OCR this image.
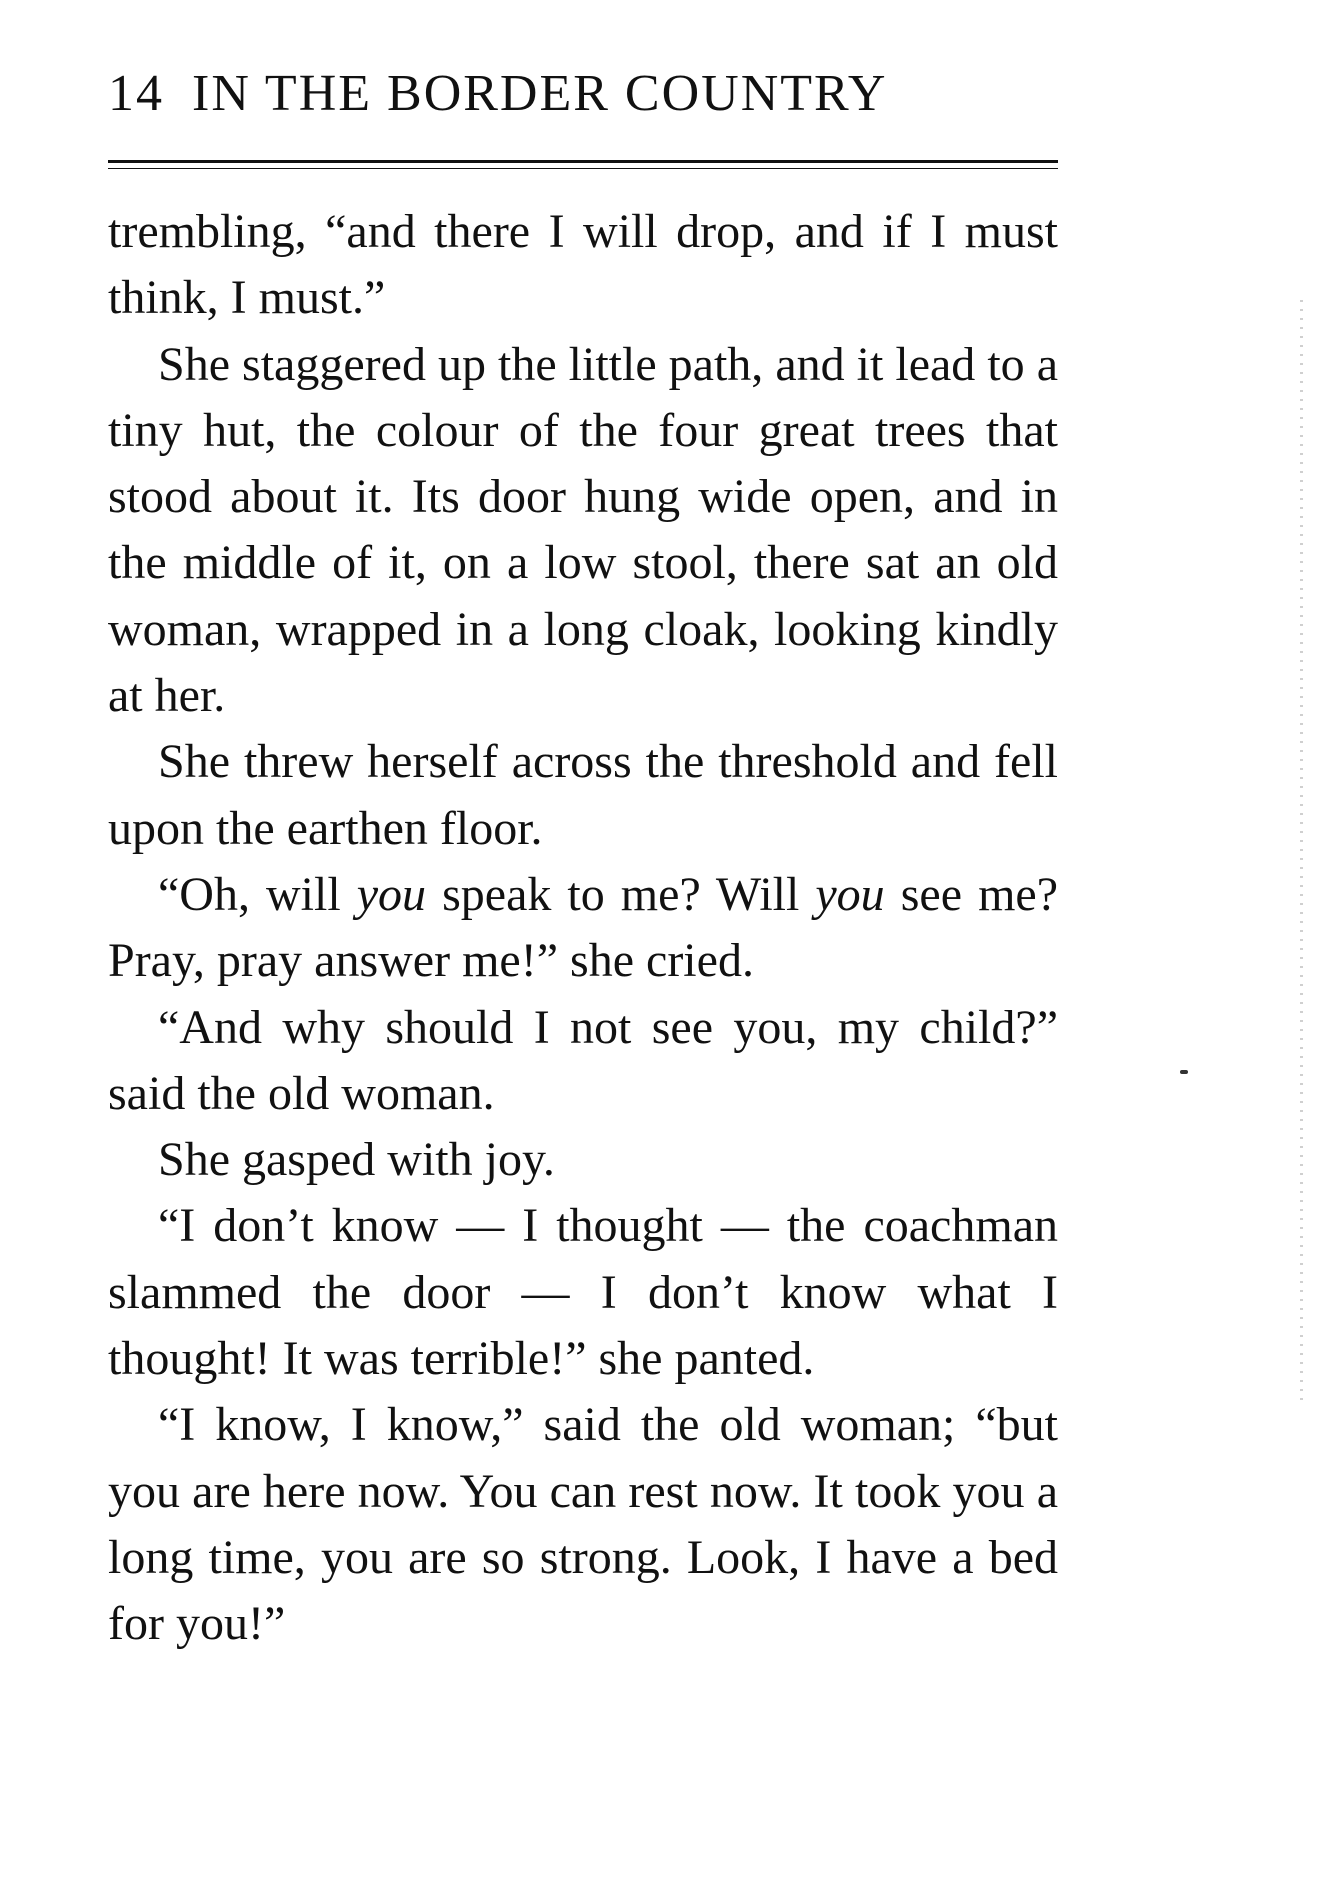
14 IN THE BORDER COUNTRY

trembling, “and there I will drop, and if I must think, I must.”

She staggered up the little path, and it lead to a tiny hut, the colour of the four great trees that stood about it. Its door hung wide open, and in the middle of it, on a low stool, there sat an old woman, wrapped in a long cloak, looking kindly at her.

She threw herself across the threshold and fell upon the earthen floor.

“Oh, will you speak to me? Will you see me? Pray, pray answer me!” she cried.

“And why should I not see you, my child?” said the old woman.

She gasped with joy.

“I don’t know — I thought — the coachman slammed the door — I don’t know what I thought! It was terrible!” she panted.

“I know, I know,” said the old woman; “but you are here now. You can rest now. It took you a long time, you are so strong. Look, I have a bed for you!”
